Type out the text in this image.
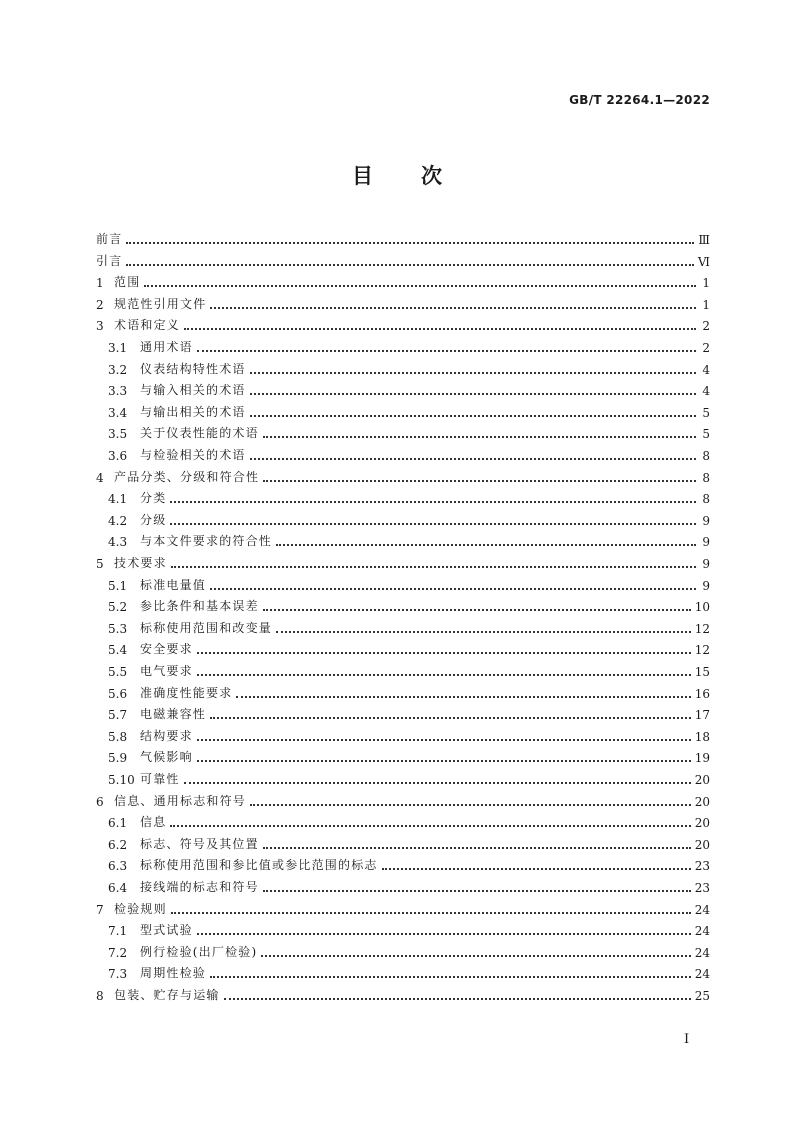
GB/T 22264.1—2022
目 次
前言	Ⅲ
引言	Ⅵ
1 范围	1
2 规范性引用文件	1
3 术语和定义	2
3.1	通用术语	2
3.2	仪表结构特性术语	4
3.3	与输入相关的术语	4
3.4	与输出相关的术语	5
3.5	关于仪表性能的术语	5
3.6	与检验相关的术语	8
4 产品分类、分级和符合性	8
4.1	分类	8
4.2	分级	9
4.3	与本文件要求的符合性	9
5 技术要求	9
5.1	标准电量值	9
5.2	参比条件和基本误差	10
5.3	标称使用范围和改变量	12
5.4	安全要求	12
5.5	电气要求	15
5.6	准确度性能要求	16
5.7	电磁兼容性	17
5.8	结构要求	18
5.9	气候影响	19
5.10 可靠性	20
6 信息、通用标志和符号	20
6.1	信息	20
6.2	标志、符号及其位置	20
6.3	标称使用范围和参比值或参比范围的标志	23
6.4	接线端的标志和符号	23
7 检验规则	24
7.1	型式试验	24
7.2	例行检验(出厂检验)	24
7.3	周期性检验	24
8 包装、贮存与运输	25
I
